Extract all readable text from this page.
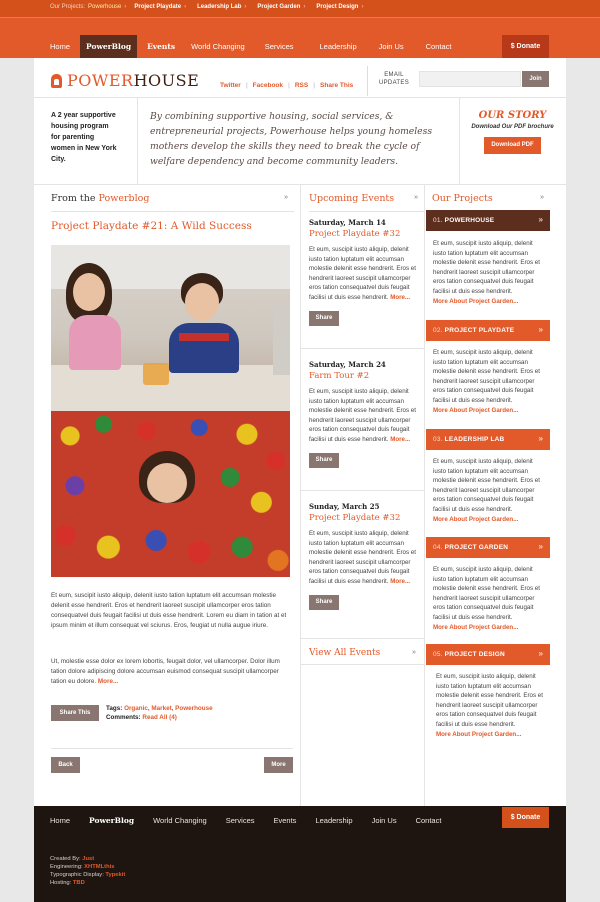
Our Projects: Powerhouse › Project Playdate › Leadership Lab › Project Garden › Project Design ›
Home	PowerBlog	Events	World Changing	Services	Leadership	Join Us	Contact	$ Donate
POWERHOUSE	Twitter | Facebook | RSS | Share This
EMAIL
UPDATES
Join
A 2 year supportive housing program for parenting women in New York City.
By combining supportive housing, social services, & entrepreneurial projects, Powerhouse helps young homeless mothers develop the skills they need to break the cycle of welfare dependency and become community leaders.
OUR STORY
Download Our PDF brochure
Download PDF
From the Powerblog	» Upcoming Events	» Our Projects	»
Project Playdate #21: A Wild Success
Et eum, suscipit iusto aliquip, delenit iusto tation luptatum elit accumsan molestie delenit esse hendrerit. Eros et hendrerit laoreet suscipit ullamcorper eros tation consequatvel duis feugait facilisi ut duis esse hendrerit. Lorem eu diam in tation at et ipsum minim et illum consequat vel sciurus. Eros, feugiat ut nulla augue iriure.
Ut, molestie esse dolor ex lorem lobortis, feugait dolor, vel ullamcorper. Dolor illum tation dolore adipiscing dolore accumsan euismod consequat suscipit ullamcorper tation eu dolore. More...
Share This
Tags: Organic, Market, Powerhouse
Comments: Read All (4)
Back	More
Saturday, March 14
Project Playdate #32
Et eum, suscipit iusto aliquip, delenit iusto tation luptatum elit accumsan molestie delenit esse hendrerit. Eros et hendrerit laoreet suscipit ullamcorper eros tation consequatvel duis feugait facilisi ut duis esse hendrerit. More...
Share
Saturday, March 24
Farm Tour #2
Et eum, suscipit iusto aliquip, delenit iusto tation luptatum elit accumsan molestie delenit esse hendrerit. Eros et hendrerit laoreet suscipit ullamcorper eros tation consequatvel duis feugait facilisi ut duis esse hendrerit. More...
Share
Sunday, March 25
Project Playdate #32
Et eum, suscipit iusto aliquip, delenit iusto tation luptatum elit accumsan molestie delenit esse hendrerit. Eros et hendrerit laoreet suscipit ullamcorper eros tation consequatvel duis feugait facilisi ut duis esse hendrerit. More...
Share
View All Events	»
01. POWERHOUSE	»
Et eum, suscipit iusto aliquip, delenit iusto tation luptatum elit accumsan molestie delenit esse hendrerit. Eros et hendrerit laoreet suscipit ullamcorper eros tation consequatvel duis feugait facilisi ut duis esse hendrerit.
More About Project Garden...
02. PROJECT PLAYDATE	»
Et eum, suscipit iusto aliquip, delenit iusto tation luptatum elit accumsan molestie delenit esse hendrerit. Eros et hendrerit laoreet suscipit ullamcorper eros tation consequatvel duis feugait facilisi ut duis esse hendrerit.
More About Project Garden...
03. LEADERSHIP LAB	»
Et eum, suscipit iusto aliquip, delenit iusto tation luptatum elit accumsan molestie delenit esse hendrerit. Eros et hendrerit laoreet suscipit ullamcorper eros tation consequatvel duis feugait facilisi ut duis esse hendrerit.
More About Project Garden...
04. PROJECT GARDEN	»
Et eum, suscipit iusto aliquip, delenit iusto tation luptatum elit accumsan molestie delenit esse hendrerit. Eros et hendrerit laoreet suscipit ullamcorper eros tation consequatvel duis feugait facilisi ut duis esse hendrerit.
More About Project Garden...
05. PROJECT DESIGN	»
Et eum, suscipit iusto aliquip, delenit iusto tation luptatum elit accumsan molestie delenit esse hendrerit. Eros et hendrerit laoreet suscipit ullamcorper eros tation consequatvel duis feugait facilisi ut duis esse hendrerit.
More About Project Garden...
Home	PowerBlog	World Changing	Services	Events	Leadership	Join Us	Contact	$ Donate
Created By: Just
Engineering: XHTMLthis
Typographic Display: Typekit
Hosting: TBD
